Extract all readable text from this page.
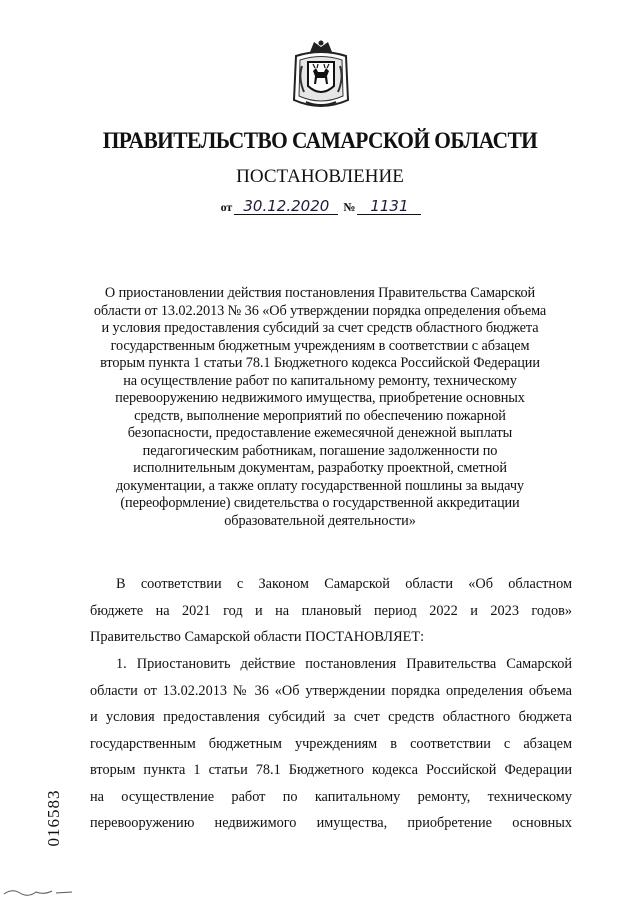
ПРАВИТЕЛЬСТВО САМАРСКОЙ ОБЛАСТИ
ПОСТАНОВЛЕНИЕ
от 30.12.2020 № 1131
О приостановлении действия постановления Правительства Самарской
области от 13.02.2013 № 36 «Об утверждении порядка определения объема
и условия предоставления субсидий за счет средств областного бюджета
государственным бюджетным учреждениям в соответствии с абзацем
вторым пункта 1 статьи 78.1 Бюджетного кодекса Российской Федерации
на осуществление работ по капитальному ремонту, техническому
перевооружению недвижимого имущества, приобретение основных
средств, выполнение мероприятий по обеспечению пожарной
безопасности, предоставление ежемесячной денежной выплаты
педагогическим работникам, погашение задолженности по
исполнительным документам, разработку проектной, сметной
документации, а также оплату государственной пошлины за выдачу
(переоформление) свидетельства о государственной аккредитации
образовательной деятельности»
В соответствии с Законом Самарской области «Об областном
бюджете на 2021 год и на плановый период 2022 и 2023 годов»
Правительство Самарской области ПОСТАНОВЛЯЕТ:
1. Приостановить действие постановления Правительства Самарской
области от 13.02.2013 № 36 «Об утверждении порядка определения объема
и условия предоставления субсидий за счет средств областного бюджета
государственным бюджетным учреждениям в соответствии с абзацем
вторым пункта 1 статьи 78.1 Бюджетного кодекса Российской Федерации
на осуществление работ по капитальному ремонту, техническому
перевооружению недвижимого имущества, приобретение основных
016583
